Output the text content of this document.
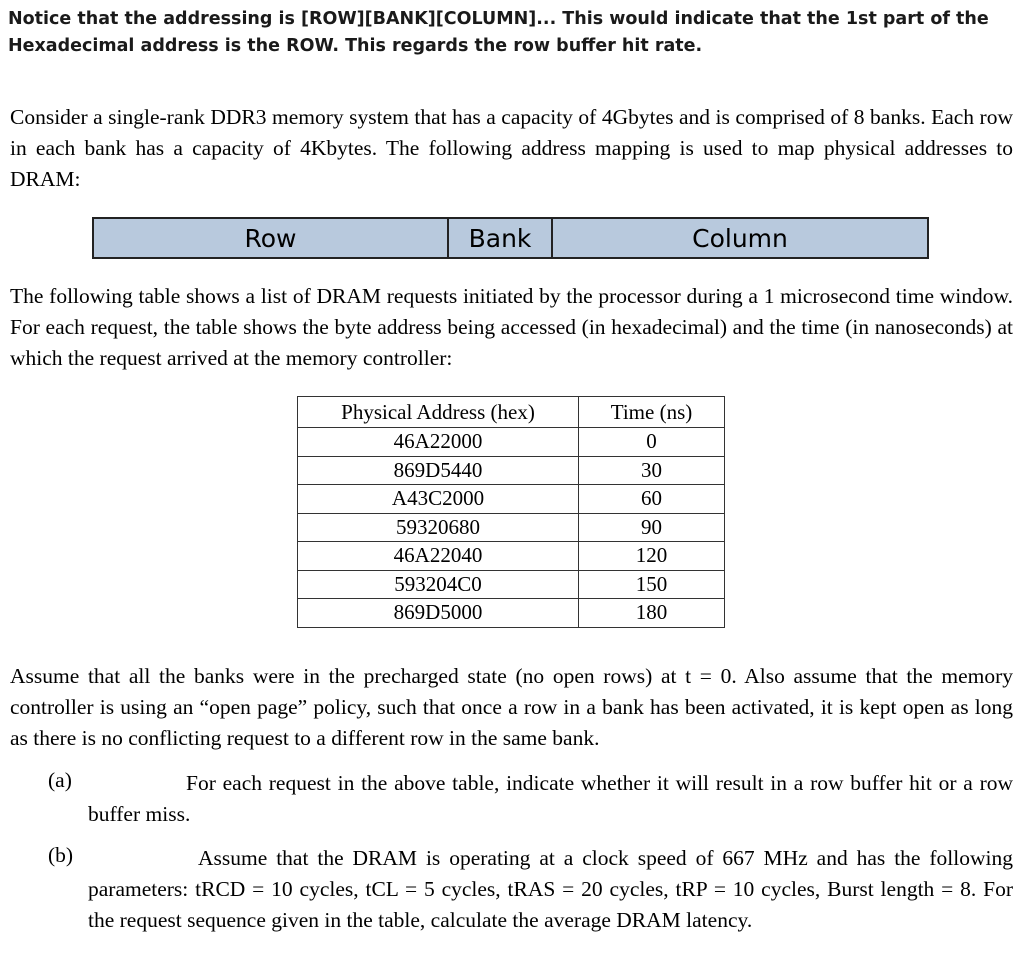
Notice that the addressing is [ROW][BANK][COLUMN]... This would indicate that the 1st part of the Hexadecimal address is the ROW. This regards the row buffer hit rate.
Consider a single-rank DDR3 memory system that has a capacity of 4Gbytes and is comprised of 8 banks. Each row in each bank has a capacity of 4Kbytes. The following address mapping is used to map physical addresses to DRAM:
Row	Bank	Column
The following table shows a list of DRAM requests initiated by the processor during a 1 microsecond time window. For each request, the table shows the byte address being accessed (in hexadecimal) and the time (in nanoseconds) at which the request arrived at the memory controller:
Physical Address (hex)	Time (ns)
46A22000	0
869D5440	30
A43C2000	60
59320680	90
46A22040	120
593204C0	150
869D5000	180
Assume that all the banks were in the precharged state (no open rows) at t = 0. Also assume that the memory controller is using an “open page” policy, such that once a row in a bank has been activated, it is kept open as long as there is no conflicting request to a different row in the same bank.
(a)	For each request in the above table, indicate whether it will result in a row buffer hit or a row buffer miss.
(b)	Assume that the DRAM is operating at a clock speed of 667 MHz and has the following parameters: tRCD = 10 cycles, tCL = 5 cycles, tRAS = 20 cycles, tRP = 10 cycles, Burst length = 8. For the request sequence given in the table, calculate the average DRAM latency.
